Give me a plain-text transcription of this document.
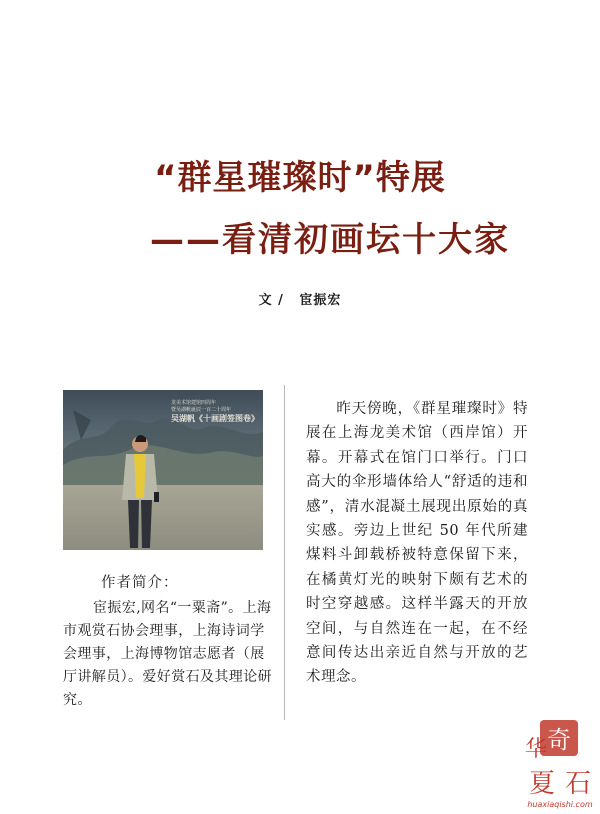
“群星璀璨时”特展
——看清初画坛十大家
文 / 宦振宏
龙美术馆建馆四周年
暨吴湖帆诞辰一百二十周年
吴湖帆《十画剧签图卷》
作者简介：
宦振宏,网名“一粟斋”。上海市观赏石协会理事，上海诗词学会理事，上海博物馆志愿者（展厅讲解员）。爱好赏石及其理论研究。
昨天傍晚，《群星璀璨时》特展在上海龙美术馆（西岸馆）开幕。开幕式在馆门口举行。门口高大的伞形墙体给人“舒适的违和感”，清水混凝土展现出原始的真实感。旁边上世纪 50 年代所建煤料斗卸载桥被特意保留下来，在橘黄灯光的映射下颇有艺术的时空穿越感。这样半露天的开放空间，与自然连在一起，在不经意间传达出亲近自然与开放的艺术理念。
奇
华
夏 石
huaxiaqishi.com
